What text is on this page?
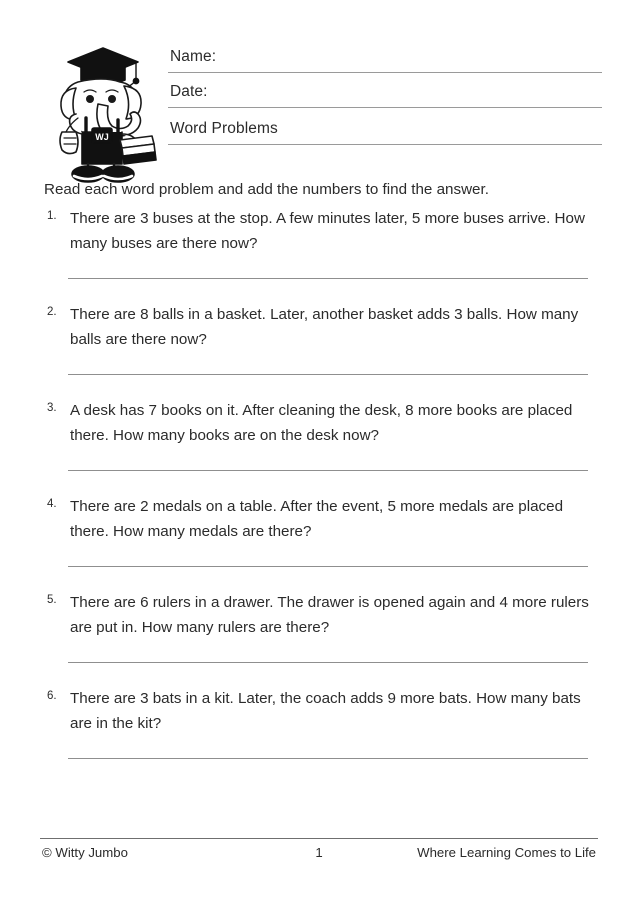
WJ
Name:
Date:
Word Problems
Read each word problem and add the numbers to find the answer.
1. There are 3 buses at the stop. A few minutes later, 5 more buses arrive. How many buses are there now?
2. There are 8 balls in a basket. Later, another basket adds 3 balls. How many balls are there now?
3. A desk has 7 books on it. After cleaning the desk, 8 more books are placed there. How many books are on the desk now?
4. There are 2 medals on a table. After the event, 5 more medals are placed there. How many medals are there?
5. There are 6 rulers in a drawer. The drawer is opened again and 4 more rulers are put in. How many rulers are there?
6. There are 3 bats in a kit. Later, the coach adds 9 more bats. How many bats are in the kit?
© Witty Jumbo	1	Where Learning Comes to Life
